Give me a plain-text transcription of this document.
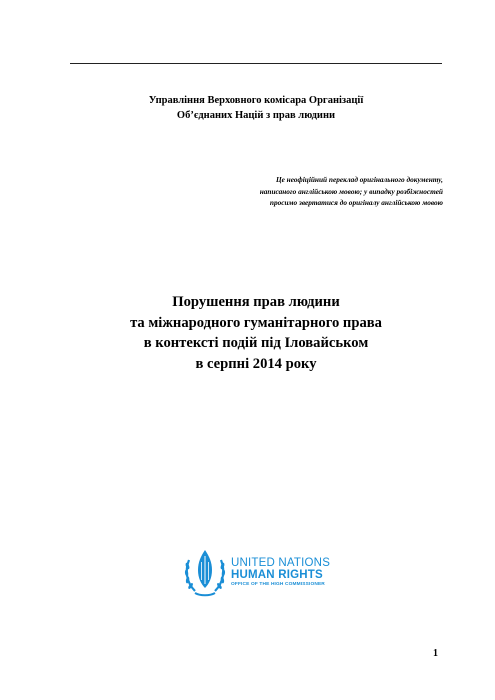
Управління Верховного комісара Організації
Об’єднаних Націй з прав людини
Це неофіційний переклад оригінального документу,
написаного англійською мовою; у випадку розбіжностей
просимо звертатися до оригіналу англійською мовою
Порушення прав людини
та міжнародного гуманітарного права
в контексті подій під Іловайськом
в серпні 2014 року
UNITED NATIONS
HUMAN RIGHTS
OFFICE OF THE HIGH COMMISSIONER
1
